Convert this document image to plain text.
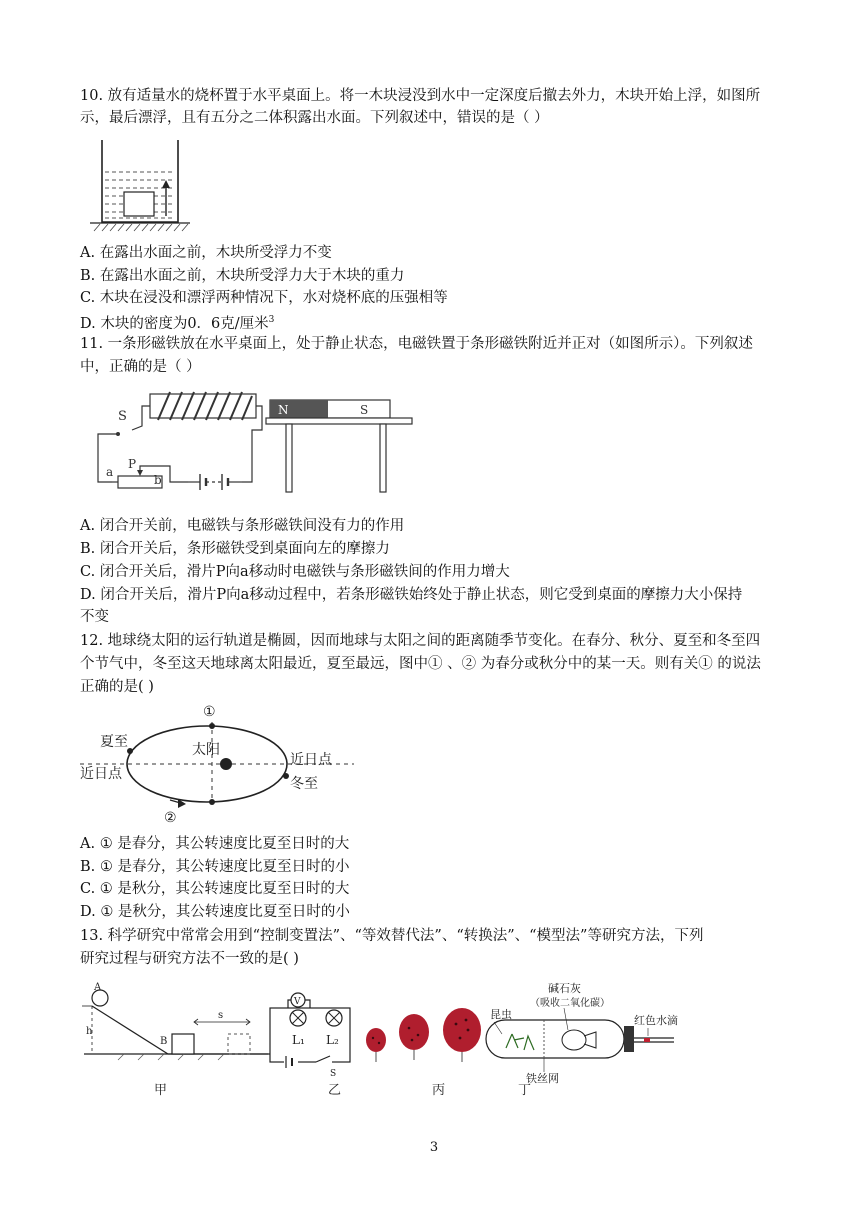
10. 放有适量水的烧杯置于水平桌面上。将一木块浸没到水中一定深度后撤去外力，木块开始上浮，如图所
示，最后漂浮，且有五分之二体积露出水面。下列叙述中，错误的是（ ）
A. 在露出水面之前，木块所受浮力不变
B. 在露出水面之前，木块所受浮力大于木块的重力
C. 木块在浸没和漂浮两种情况下，水对烧杯底的压强相等
D. 木块的密度为0．6克/厘米$^3$
11. 一条形磁铁放在水平桌面上，处于静止状态，电磁铁置于条形磁铁附近并正对（如图所示）。下列叙述
中，正确的是（ ）
S
a
P
b
N	S
A. 闭合开关前，电磁铁与条形磁铁间没有力的作用
B. 闭合开关后，条形磁铁受到桌面向左的摩擦力
C. 闭合开关后，滑片P向a移动时电磁铁与条形磁铁间的作用力增大
D. 闭合开关后，滑片P向a移动过程中，若条形磁铁始终处于静止状态，则它受到桌面的摩擦力大小保持
不变
12. 地球绕太阳的运行轨道是椭圆，因而地球与太阳之间的距离随季节变化。在春分、秋分、夏至和冬至四
个节气中，冬至这天地球离太阳最近，夏至最远，图中① 、② 为春分或秋分中的某一天。则有关① 的说法
正确的是( )
①
②
夏至	太阳
近日点
冬至
近日点
A. ① 是春分，其公转速度比夏至日时的大
B. ① 是春分，其公转速度比夏至日时的小
C. ① 是秋分，其公转速度比夏至日时的大
D. ① 是秋分，其公转速度比夏至日时的小
13. 科学研究中常常会用到“控制变置法”、“等效替代法”、“转换法”、“模型法”等研究方法，下列
研究过程与研究方法不一致的是( )
A
h
B
s
V
L₁ L₂
S
昆虫
碱石灰
（吸收二氧化碳）
红色水滴
铁丝网
甲	乙	丙	丁
3
